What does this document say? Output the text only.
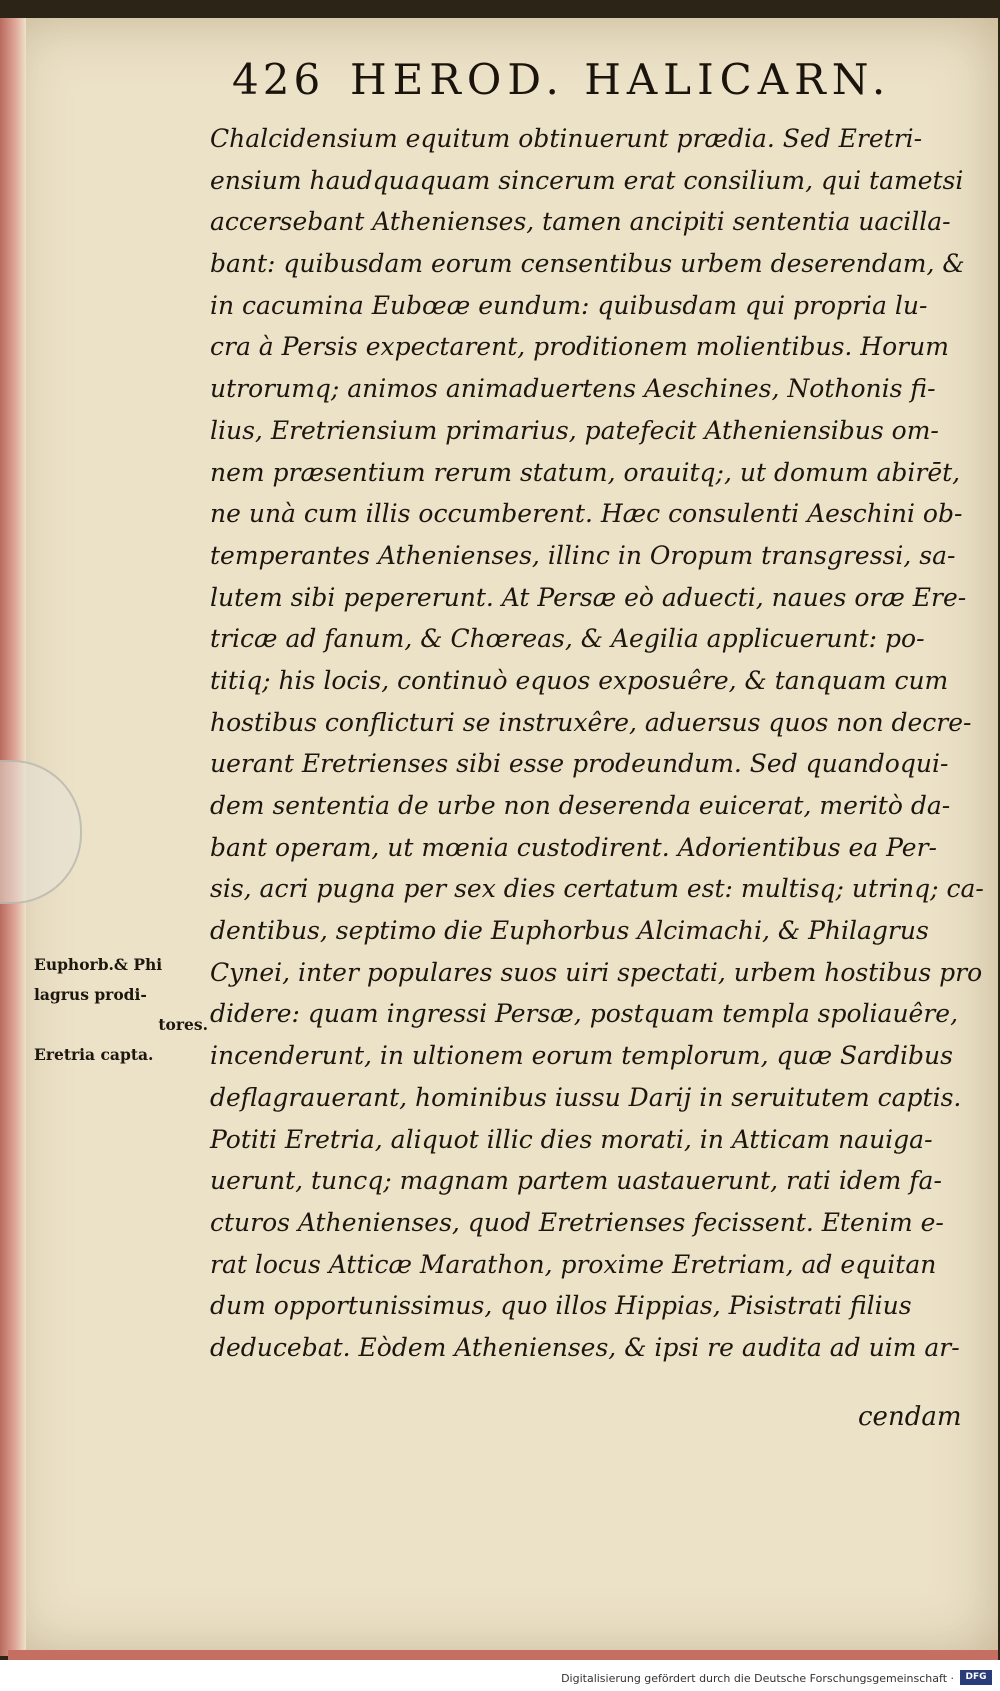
426 HEROD. HALICARN.
Chalcidensium equitum obtinuerunt prædia. Sed Eretri-
ensium haudquaquam sincerum erat consilium, qui tametsi
accersebant Athenienses, tamen ancipiti sententia uacilla-
bant: quibusdam eorum censentibus urbem deserendam, &
in cacumina Eubœæ eundum: quibusdam qui propria lu-
cra à Persis expectarent, proditionem molientibus. Horum
utrorumq; animos animaduertens Aeschines, Nothonis fi-
lius, Eretriensium primarius, patefecit Atheniensibus om-
nem præsentium rerum statum, orauitq;, ut domum abirēt,
ne unà cum illis occumberent. Hæc consulenti Aeschini ob-
temperantes Athenienses, illinc in Oropum transgressi, sa-
lutem sibi pepererunt. At Persæ eò aduecti, naues oræ Ere-
tricæ ad fanum, & Chœreas, & Aegilia applicuerunt: po-
titiq; his locis, continuò equos exposuêre, & tanquam cum
hostibus conflicturi se instruxêre, aduersus quos non decre-
uerant Eretrienses sibi esse prodeundum. Sed quandoqui-
dem sententia de urbe non deserenda euicerat, meritò da-
bant operam, ut mœnia custodirent. Adorientibus ea Per-
sis, acri pugna per sex dies certatum est: multisq; utrinq; ca-
dentibus, septimo die Euphorbus Alcimachi, & Philagrus
Cynei, inter populares suos uiri spectati, urbem hostibus pro
didere: quam ingressi Persæ, postquam templa spoliauêre,
incenderunt, in ultionem eorum templorum, quæ Sardibus
deflagrauerant, hominibus iussu Darij in seruitutem captis.
Potiti Eretria, aliquot illic dies morati, in Atticam nauiga-
uerunt, tuncq; magnam partem uastauerunt, rati idem fa-
cturos Athenienses, quod Eretrienses fecissent. Etenim e-
rat locus Atticæ Marathon, proxime Eretriam, ad equitan
dum opportunissimus, quo illos Hippias, Pisistrati filius
deducebat. Eòdem Athenienses, & ipsi re audita ad uim ar-
Euphorb.& Phi
lagrus prodi-
tores.
Eretria capta.
cendam
Digitalisierung gefördert durch die Deutsche Forschungsgemeinschaft ·	DFG
